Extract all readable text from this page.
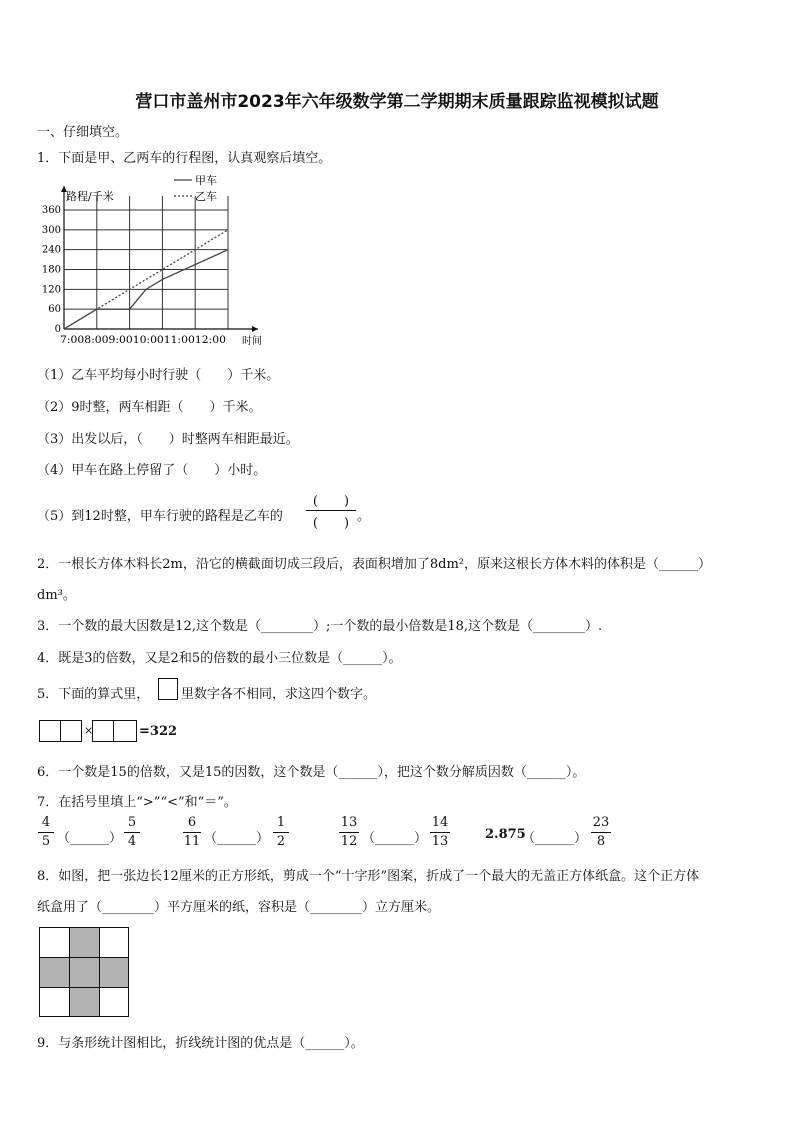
营口市盖州市2023年六年级数学第二学期期末质量跟踪监视模拟试题
一、仔细填空。
1．下面是甲、乙两车的行程图，认真观察后填空。
甲车
乙车
路程/千米
360
300
240
180
120
60
0
7:008:009:0010:0011:0012:00 时间
（1）乙车平均每小时行驶（　　）千米。
（2）9时整，两车相距（　　）千米。
（3）出发以后，（　　）时整两车相距最近。
（4）甲车在路上停留了（　　）小时。
（5）到12时整，甲车行驶的路程是乙车的
(　　)
(　　) 。
2．一根长方体木料长2m，沿它的横截面切成三段后，表面积增加了8dm²，原来这根长方体木料的体积是（______）
dm³。
3．一个数的最大因数是12,这个数是（________）;一个数的最小倍数是18,这个数是（________）.
4．既是3的倍数，又是2和5的倍数的最小三位数是（______）。
5．下面的算式里， 里数字各不相同，求这四个数字。
×	=322
6．一个数是15的倍数，又是15的因数，这个数是（______），把这个数分解质因数（______）。
7．在括号里填上“>”“<”和“＝”。
4
5 （______）
5
4
6
11 （______）
1
2
13
12 （______）
14
13	2.875
（______）
23
8
8．如图，把一张边长12厘米的正方形纸，剪成一个“十字形”图案，折成了一个最大的无盖正方体纸盒。这个正方体
纸盒用了（________）平方厘米的纸，容积是（________）立方厘米。
9．与条形统计图相比，折线统计图的优点是（______）。
